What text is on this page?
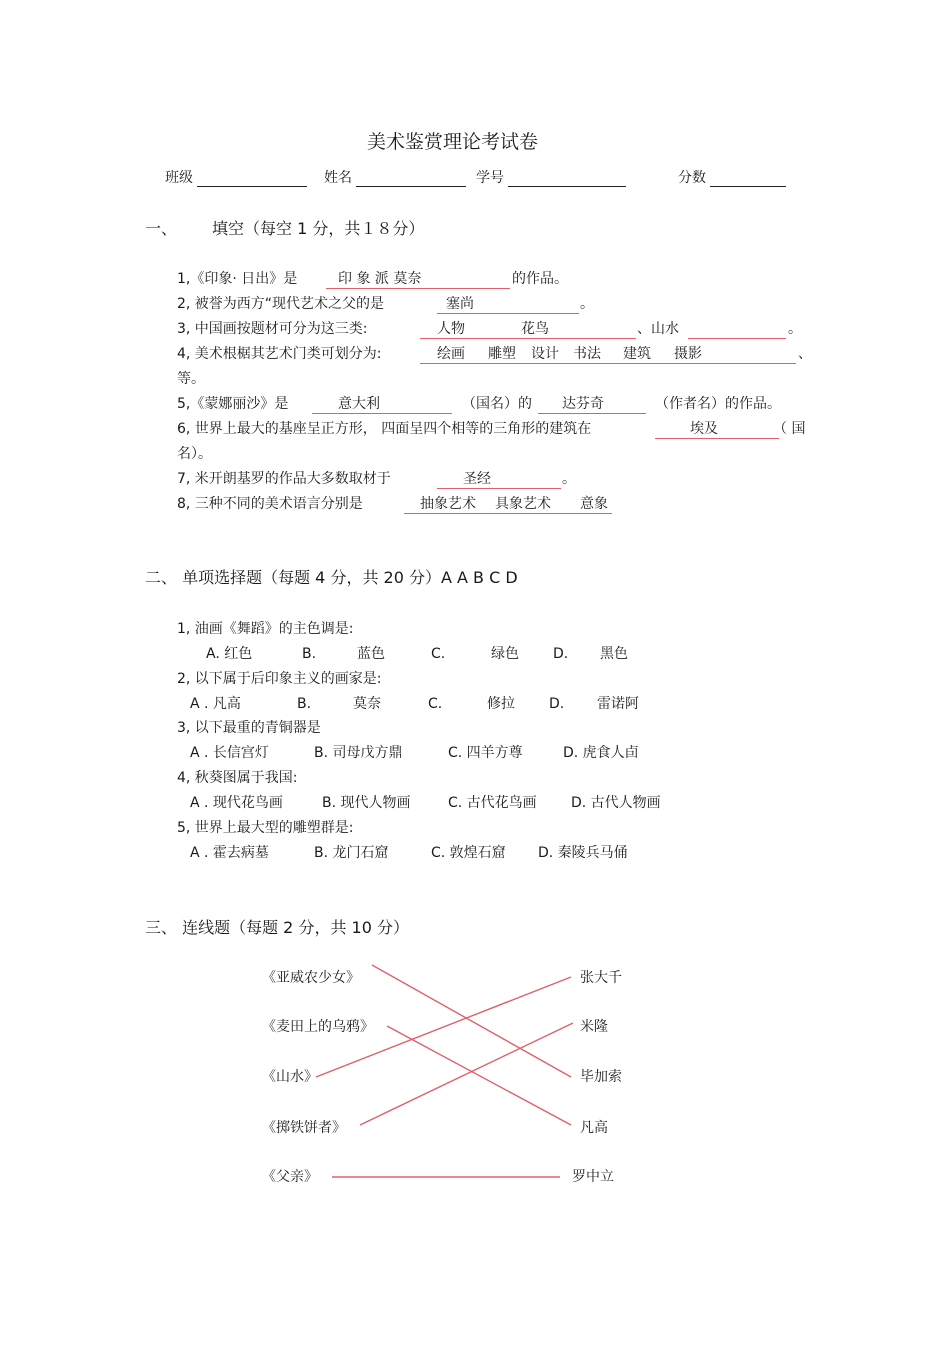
美术鉴赏理论考试卷
班级	姓名	学号	分数
一、 填空（每空 1 分，共１８分）
1,《印象· 日出》是	印 象 派 莫奈	的作品。
2, 被誉为西方“现代艺术之父的是	塞尚	。
3, 中国画按题材可分为这三类:	人物	花鸟	、山水	。
4, 美术根椐其艺术门类可划分为:	绘画 雕塑 设计 书法 建筑 摄影	、
等。
5,《蒙娜丽沙》是	意大利	（国名）的 达芬奇	（作者名）的作品。
6, 世界上最大的基座呈正方形， 四面呈四个相等的三角形的建筑在	埃及	（ 国
名）。
7, 米开朗基罗的作品大多数取材于	圣经	。
8, 三种不同的美术语言分别是	抽象艺术 具象艺术 意象
二、 单项选择题（每题 4 分，共 20 分）A A B C D
1, 油画《舞蹈》的主色调是:
A. 红色	B.	蓝色	C.	绿色 D. 黑色
2, 以下属于后印象主义的画家是:
A . 凡高	B.	莫奈	C.	修拉 D. 雷诺阿
3, 以下最重的青铜器是
A . 长信宫灯	B. 司母戊方鼎	C. 四羊方尊	D. 虎食人卣
4, 秋葵图属于我国:
A . 现代花鸟画	B. 现代人物画	C. 古代花鸟画 D. 古代人物画
5, 世界上最大型的雕塑群是:
A . 霍去病墓	B. 龙门石窟	C. 敦煌石窟 D. 秦陵兵马俑
三、 连线题（每题 2 分，共 10 分）
《亚威农少女》
《麦田上的乌鸦》
《山水》
《掷铁饼者》
《父亲》
张大千
米隆
毕加索
凡高
罗中立
